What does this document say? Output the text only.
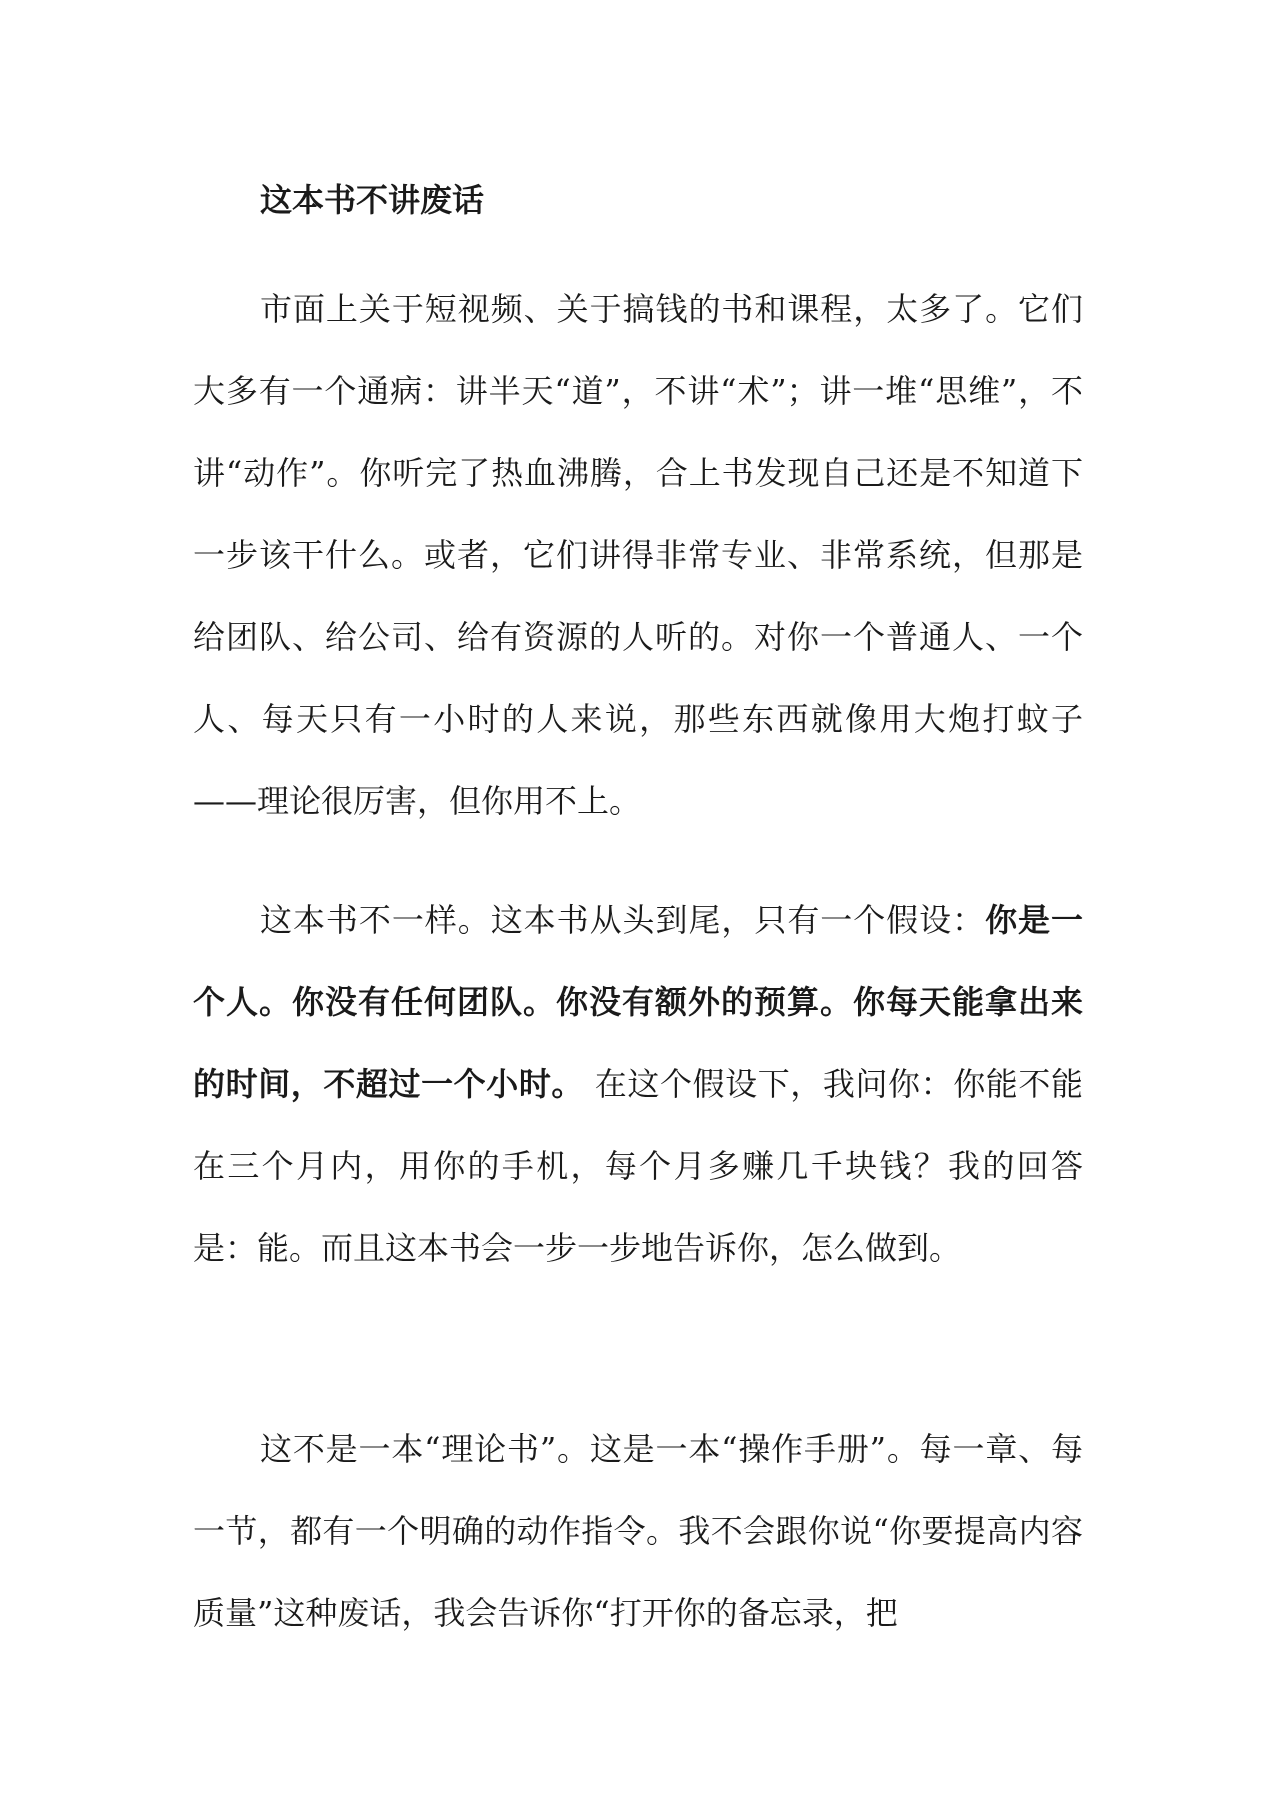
这本书不讲废话

市面上关于短视频、关于搞钱的书和课程，太多了。它们大多有一个通病：讲半天“道”，不讲“术”；讲一堆“思维”，不讲“动作”。你听完了热血沸腾，合上书发现自己还是不知道下一步该干什么。或者，它们讲得非常专业、非常系统，但那是给团队、给公司、给有资源的人听的。对你一个普通人、一个人、每天只有一小时的人来说，那些东西就像用大炮打蚊子——理论很厉害，但你用不上。

这本书不一样。这本书从头到尾，只有一个假设：你是一个人。你没有任何团队。你没有额外的预算。你每天能拿出来的时间，不超过一个小时。 在这个假设下，我问你：你能不能在三个月内，用你的手机，每个月多赚几千块钱？我的回答是：能。而且这本书会一步一步地告诉你，怎么做到。

这不是一本“理论书”。这是一本“操作手册”。每一章、每一节，都有一个明确的动作指令。我不会跟你说“你要提高内容质量”这种废话，我会告诉你“打开你的备忘录，把
